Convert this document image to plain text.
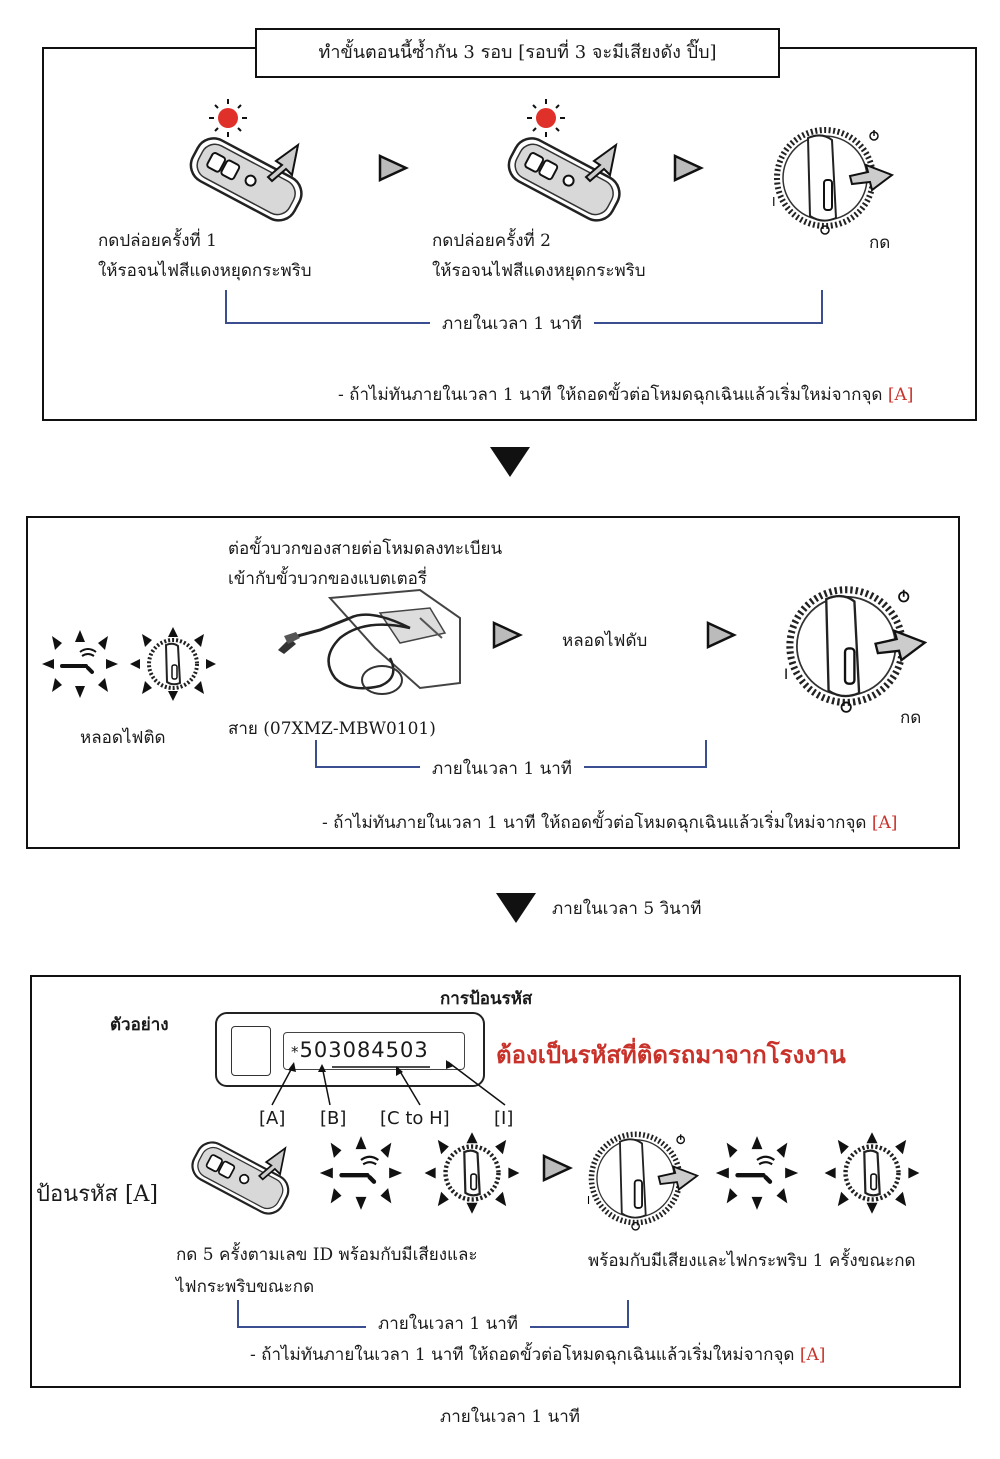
ทำขั้นตอนนี้ซ้ำกัน 3 รอบ [รอบที่ 3 จะมีเสียงดัง ปิ๊บ]
กดปล่อยครั้งที่ 1
ให้รอจนไฟสีแดงหยุดกระพริบ
กดปล่อยครั้งที่ 2
ให้รอจนไฟสีแดงหยุดกระพริบ
I
กด
ภายในเวลา 1 นาที
- ถ้าไม่ทันภายในเวลา 1 นาที ให้ถอดขั้วต่อโหมดฉุกเฉินแล้วเริ่มใหม่จากจุด [A]
หลอดไฟติด
ต่อขั้วบวกของสายต่อโหมดลงทะเบียน
เข้ากับขั้วบวกของแบตเตอรี่
สาย (07XMZ-MBW0101)
หลอดไฟดับ
I
กด
ภายในเวลา 1 นาที
- ถ้าไม่ทันภายในเวลา 1 นาที ให้ถอดขั้วต่อโหมดฉุกเฉินแล้วเริ่มใหม่จากจุด [A]
ภายในเวลา 5 วินาที
การป้อนรหัส
ตัวอย่าง
*503084503	ต้องเป็นรหัสที่ติดรถมาจากโรงงาน
[A] [B] [C to H] [I]
ป้อนรหัส [A]	I
กด 5 ครั้งตามเลข ID พร้อมกับมีเสียงและ
ไฟกระพริบขณะกด
พร้อมกับมีเสียงและไฟกระพริบ 1 ครั้งขณะกด
ภายในเวลา 1 นาที
- ถ้าไม่ทันภายในเวลา 1 นาที ให้ถอดขั้วต่อโหมดฉุกเฉินแล้วเริ่มใหม่จากจุด [A]
ภายในเวลา 1 นาที
